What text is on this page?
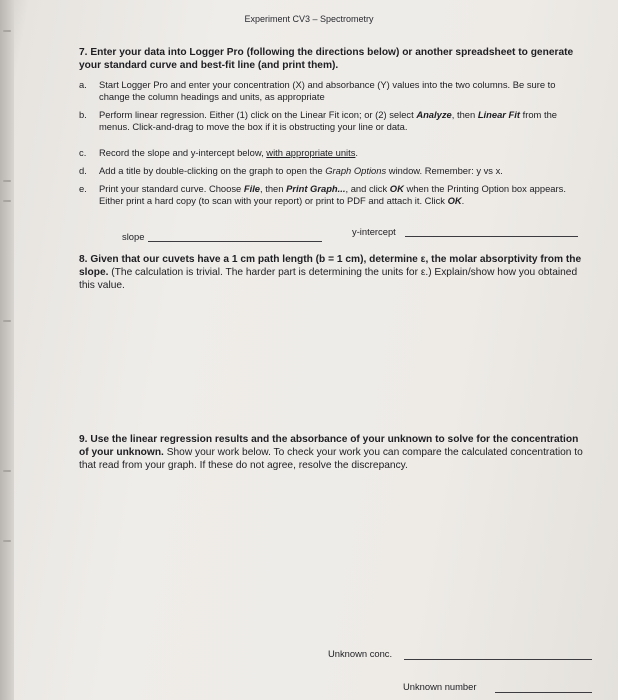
Experiment CV3 – Spectrometry
7. Enter your data into Logger Pro (following the directions below) or another spreadsheet to generate your standard curve and best-fit line (and print them).
a. Start Logger Pro and enter your concentration (X) and absorbance (Y) values into the two columns. Be sure to change the column headings and units, as appropriate
b. Perform linear regression. Either (1) click on the Linear Fit icon; or (2) select Analyze, then Linear Fit from the menus. Click-and-drag to move the box if it is obstructing your line or data.
c. Record the slope and y-intercept below, with appropriate units.
d. Add a title by double-clicking on the graph to open the Graph Options window. Remember: y vs x.
e. Print your standard curve. Choose File, then Print Graph..., and click OK when the Printing Option box appears. Either print a hard copy (to scan with your report) or print to PDF and attach it. Click OK.
slope	y-intercept
8. Given that our cuvets have a 1 cm path length (b = 1 cm), determine ε, the molar absorptivity from the slope. (The calculation is trivial. The harder part is determining the units for ε.) Explain/show how you obtained this value.
9. Use the linear regression results and the absorbance of your unknown to solve for the concentration of your unknown. Show your work below. To check your work you can compare the calculated concentration to that read from your graph. If these do not agree, resolve the discrepancy.
Unknown conc.
Unknown number
